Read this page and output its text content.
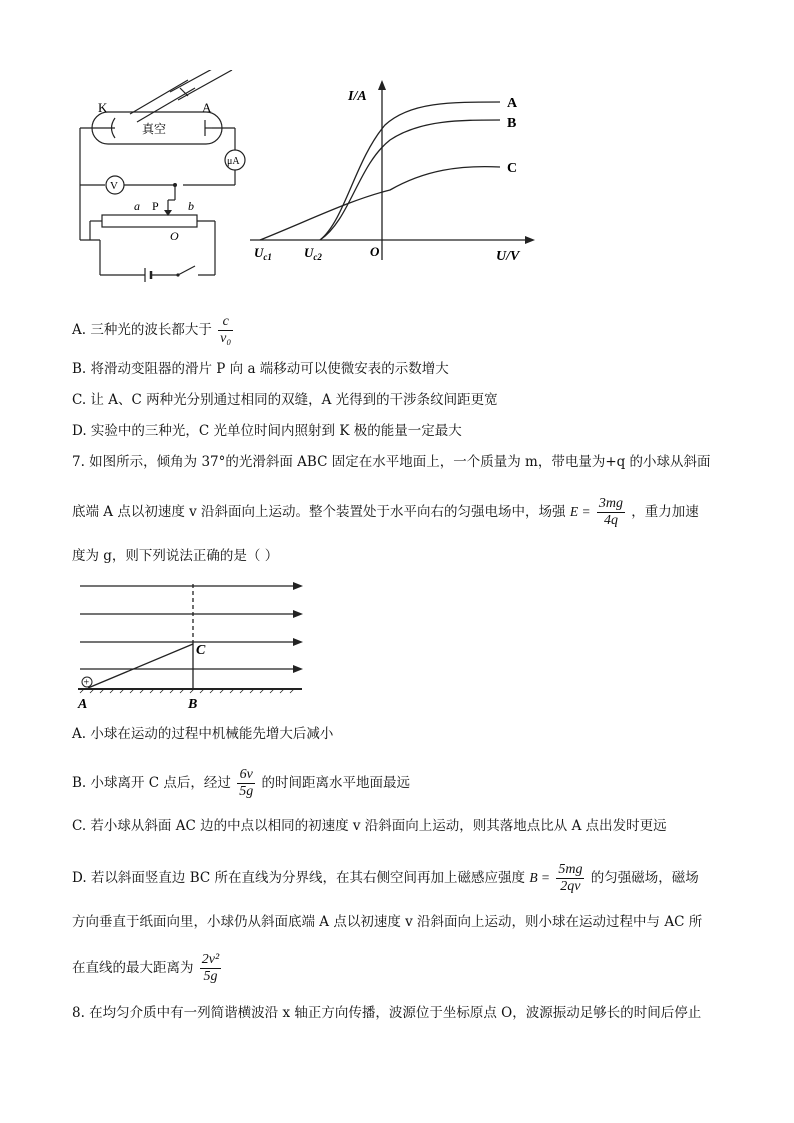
K	A
真空
μA
V
a P b
O
I/A
U/V
O
$U_{c1}$ $U_{c2}$
A
B
C
A. 三种光的波长都大于 $\frac{c}{\text{ν₀}}$
B. 将滑动变阻器的滑片 P 向 a 端移动可以使微安表的示数增大
C. 让 A、C 两种光分别通过相同的双缝，A 光得到的干涉条纹间距更宽
D. 实验中的三种光，C 光单位时间内照射到 K 极的能量一定最大
7. 如图所示，倾角为 37°的光滑斜面 ABC 固定在水平地面上，一个质量为 m，带电量为+q 的小球从斜面
底端 A 点以初速度 v 沿斜面向上运动。整个装置处于水平向右的匀强电场中，场强 $E = \frac{3mg}{4q}$ ，重力加速
度为 g，则下列说法正确的是（ ）
+
A	B
C
A. 小球在运动的过程中机械能先增大后减小
B. 小球离开 C 点后，经过 $\frac{6v}{5g}$ 的时间距离水平地面最远
C. 若小球从斜面 AC 边的中点以相同的初速度 v 沿斜面向上运动，则其落地点比从 A 点出发时更远
D. 若以斜面竖直边 BC 所在直线为分界线，在其右侧空间再加上磁感应强度 $B = \frac{5mg}{2qv}$ 的匀强磁场，磁场
方向垂直于纸面向里，小球仍从斜面底端 A 点以初速度 v 沿斜面向上运动，则小球在运动过程中与 AC 所
在直线的最大距离为 $\frac{\text{2v²}}{5g}$
8. 在均匀介质中有一列简谐横波沿 x 轴正方向传播，波源位于坐标原点 O，波源振动足够长的时间后停止
